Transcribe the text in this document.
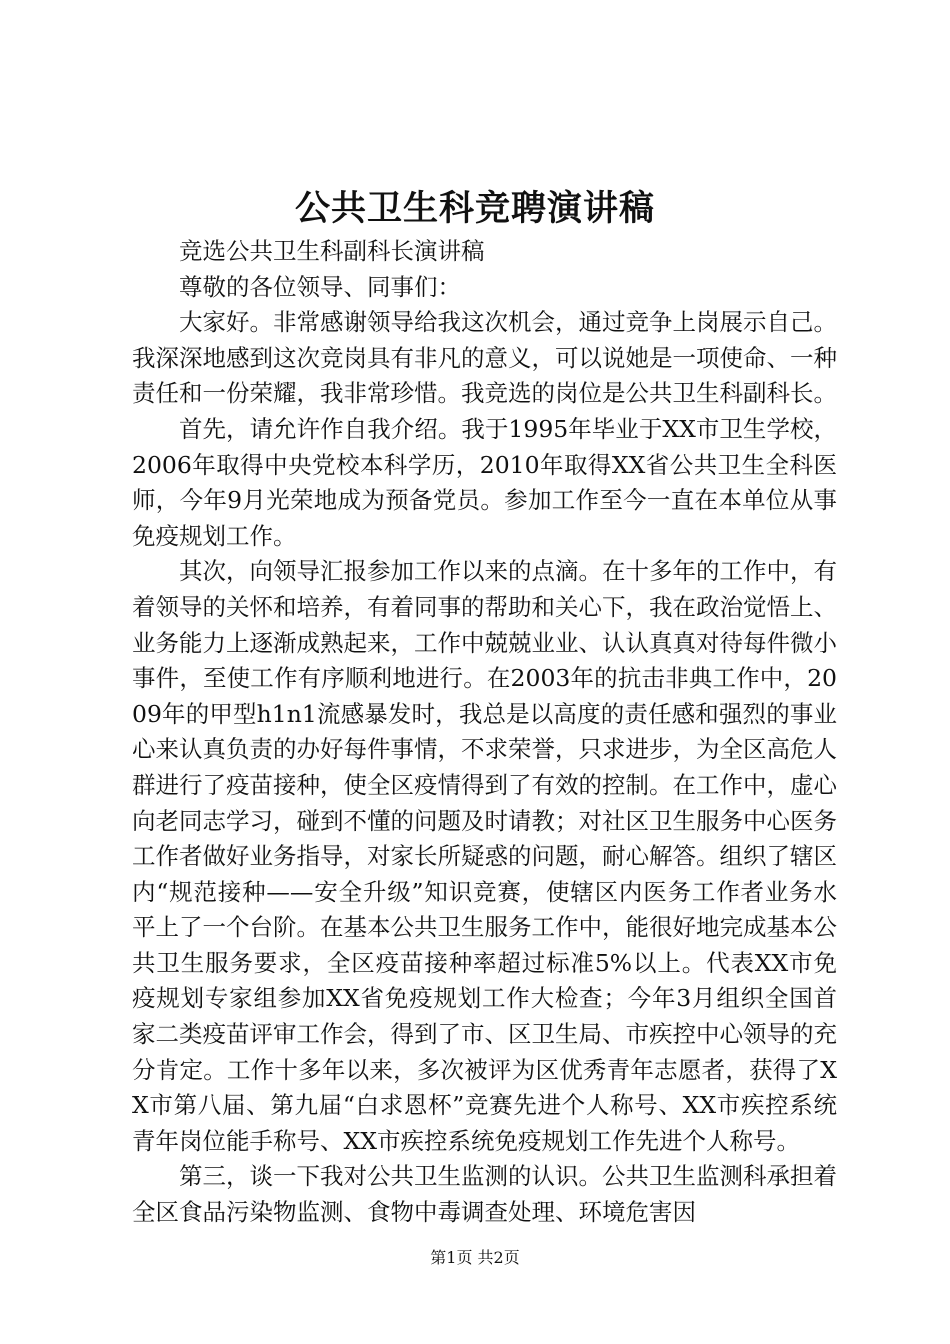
公共卫生科竞聘演讲稿

竞选公共卫生科副科长演讲稿

尊敬的各位领导、同事们：

大家好。非常感谢领导给我这次机会，通过竞争上岗展示自己。我深深地感到这次竞岗具有非凡的意义，可以说她是一项使命、一种责任和一份荣耀，我非常珍惜。我竞选的岗位是公共卫生科副科长。

首先，请允许作自我介绍。我于1995年毕业于XX市卫生学校，2006年取得中央党校本科学历，2010年取得XX省公共卫生全科医师，今年9月光荣地成为预备党员。参加工作至今一直在本单位从事免疫规划工作。

其次，向领导汇报参加工作以来的点滴。在十多年的工作中，有着领导的关怀和培养，有着同事的帮助和关心下，我在政治觉悟上、业务能力上逐渐成熟起来，工作中兢兢业业、认认真真对待每件微小事件，至使工作有序顺利地进行。在2003年的抗击非典工作中，2009年的甲型h1n1流感暴发时，我总是以高度的责任感和强烈的事业心来认真负责的办好每件事情，不求荣誉，只求进步，为全区高危人群进行了疫苗接种，使全区疫情得到了有效的控制。在工作中，虚心向老同志学习，碰到不懂的问题及时请教；对社区卫生服务中心医务工作者做好业务指导，对家长所疑惑的问题，耐心解答。组织了辖区内“规范接种——安全升级”知识竞赛，使辖区内医务工作者业务水平上了一个台阶。在基本公共卫生服务工作中，能很好地完成基本公共卫生服务要求，全区疫苗接种率超过标准5%以上。代表XX市免疫规划专家组参加XX省免疫规划工作大检查；今年3月组织全国首家二类疫苗评审工作会，得到了市、区卫生局、市疾控中心领导的充分肯定。工作十多年以来，多次被评为区优秀青年志愿者，获得了XX市第八届、第九届“白求恩杯”竞赛先进个人称号、XX市疾控系统青年岗位能手称号、XX市疾控系统免疫规划工作先进个人称号。

第三，谈一下我对公共卫生监测的认识。公共卫生监测科承担着全区食品污染物监测、食物中毒调查处理、环境危害因

第1页 共2页
